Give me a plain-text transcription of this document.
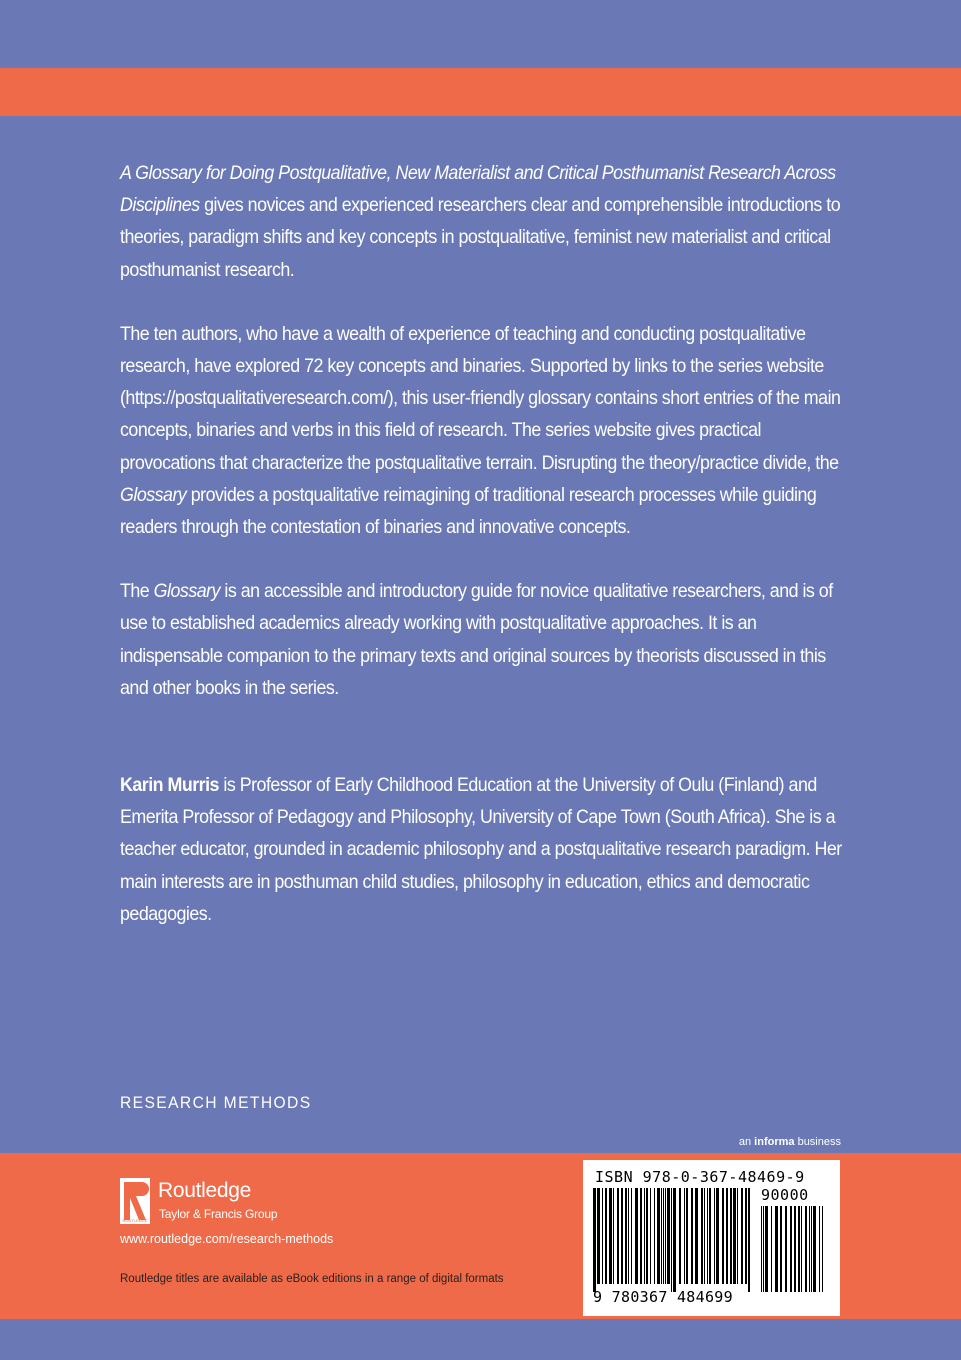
A Glossary for Doing Postqualitative, New Materialist and Critical Posthumanist Research Across Disciplines gives novices and experienced researchers clear and comprehensible introductions to theories, paradigm shifts and key concepts in postqualitative, feminist new materialist and critical posthumanist research.

The ten authors, who have a wealth of experience of teaching and conducting postqualitative research, have explored 72 key concepts and binaries. Supported by links to the series website (https://postqualitativeresearch.com/), this user-friendly glossary contains short entries of the main concepts, binaries and verbs in this field of research. The series website gives practical provocations that characterize the postqualitative terrain. Disrupting the theory/practice divide, the Glossary provides a postqualitative reimagining of traditional research processes while guiding readers through the contestation of binaries and innovative concepts.

The Glossary is an accessible and introductory guide for novice qualitative researchers, and is of use to established academics already working with postqualitative approaches. It is an indispensable companion to the primary texts and original sources by theorists discussed in this and other books in the series.

Karin Murris is Professor of Early Childhood Education at the University of Oulu (Finland) and Emerita Professor of Pedagogy and Philosophy, University of Cape Town (South Africa). She is a teacher educator, grounded in academic philosophy and a postqualitative research paradigm. Her main interests are in posthuman child studies, philosophy in education, ethics and democratic pedagogies.

RESEARCH METHODS
an informa business
ROUTLEDGE
Routledge
Taylor & Francis Group
www.routledge.com/research-methods
Routledge titles are available as eBook editions in a range of digital formats
ISBN 978-0-367-48469-9
90000
9 780367 484699
